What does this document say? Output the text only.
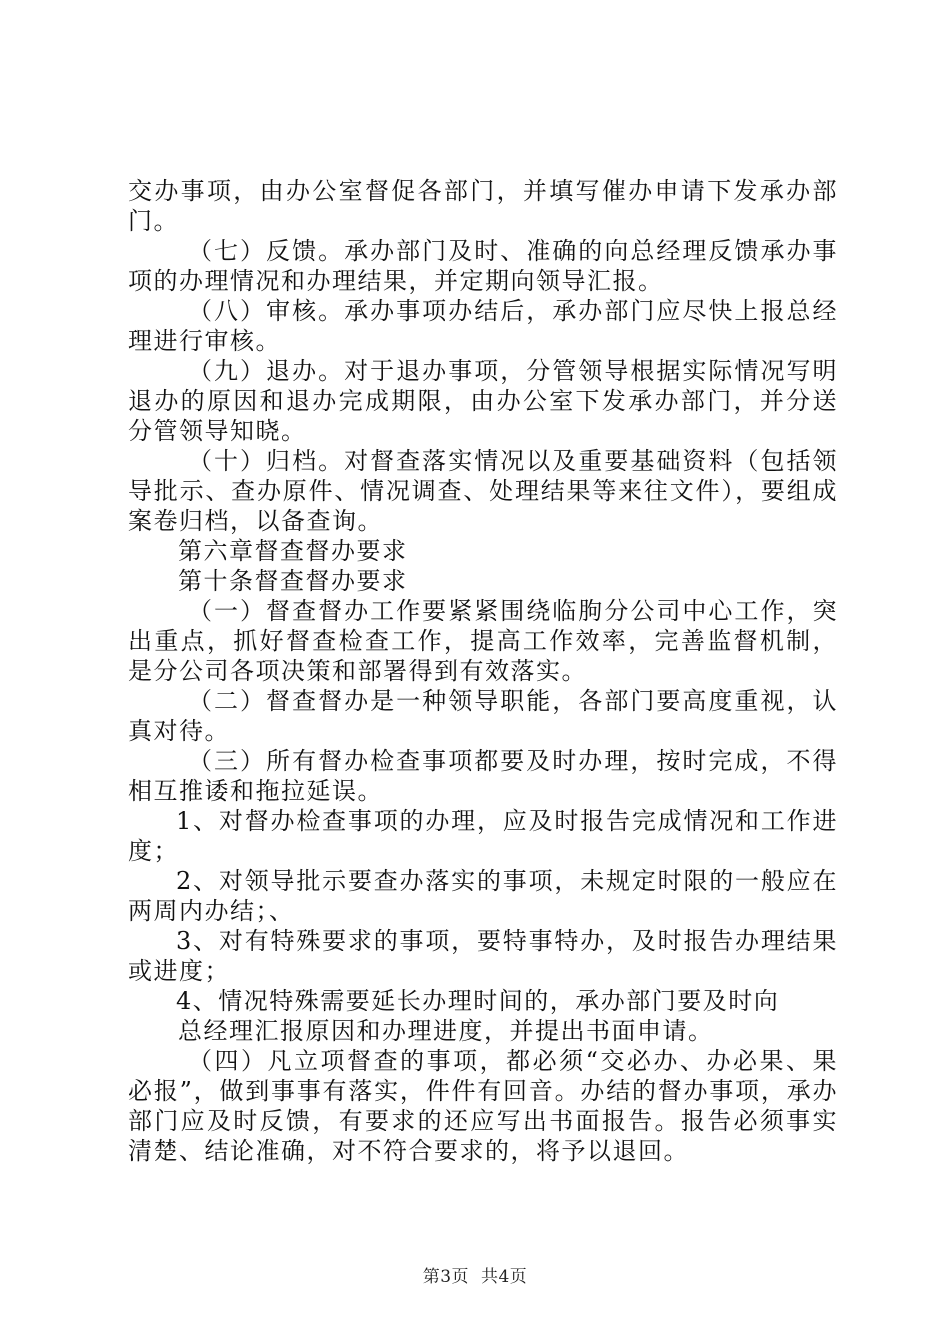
交办事项，由办公室督促各部门，并填写催办申请下发承办部门。

（七）反馈。承办部门及时、准确的向总经理反馈承办事项的办理情况和办理结果，并定期向领导汇报。

（八）审核。承办事项办结后，承办部门应尽快上报总经理进行审核。

（九）退办。对于退办事项，分管领导根据实际情况写明退办的原因和退办完成期限，由办公室下发承办部门，并分送分管领导知晓。

（十）归档。对督查落实情况以及重要基础资料（包括领导批示、查办原件、情况调查、处理结果等来往文件），要组成案卷归档，以备查询。

第六章督查督办要求

第十条督查督办要求

（一）督查督办工作要紧紧围绕临朐分公司中心工作，突出重点，抓好督查检查工作，提高工作效率，完善监督机制，是分公司各项决策和部署得到有效落实。

（二）督查督办是一种领导职能，各部门要高度重视，认真对待。

（三）所有督办检查事项都要及时办理，按时完成，不得相互推诿和拖拉延误。

1、对督办检查事项的办理，应及时报告完成情况和工作进度；

2、对领导批示要查办落实的事项，未规定时限的一般应在两周内办结；、

3、对有特殊要求的事项，要特事特办，及时报告办理结果或进度；

4、情况特殊需要延长办理时间的，承办部门要及时向

总经理汇报原因和办理进度，并提出书面申请。

（四）凡立项督查的事项，都必须“交必办、办必果、果必报”，做到事事有落实，件件有回音。办结的督办事项，承办部门应及时反馈，有要求的还应写出书面报告。报告必须事实清楚、结论准确，对不符合要求的，将予以退回。

第3页 共4页
